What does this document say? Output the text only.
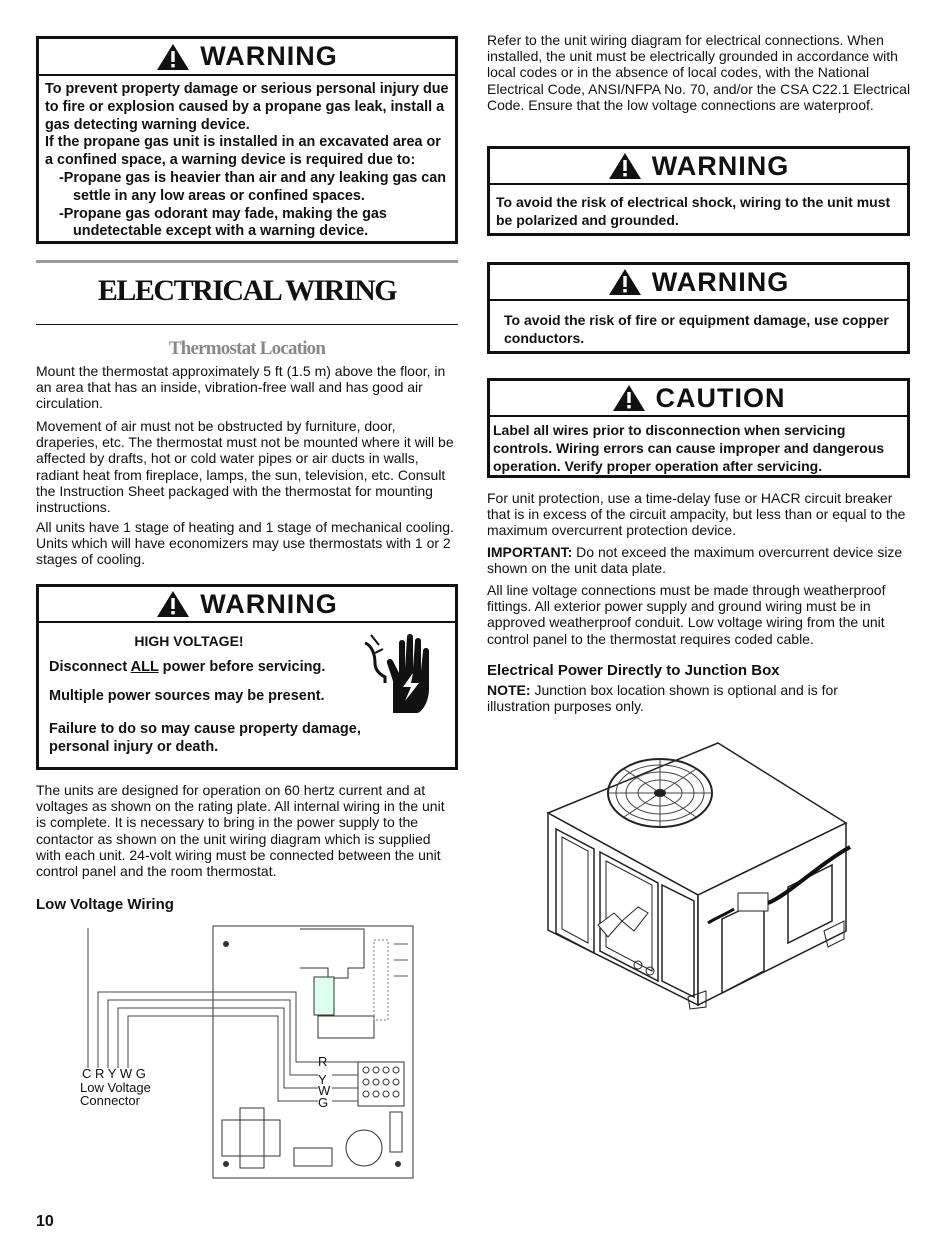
WARNING
To prevent property damage or serious personal injury due to fire or explosion caused by a propane gas leak, install a gas detecting warning device.
If the propane gas unit is installed in an excavated area or a confined space, a warning device is required due to:
-Propane gas is heavier than air and any leaking gas can settle in any low areas or confined spaces.
-Propane gas odorant may fade, making the gas undetectable except with a warning device.
ELECTRICAL WIRING
Thermostat Location
Mount the thermostat approximately 5 ft (1.5 m) above the floor, in an area that has an inside, vibration-free wall and has good air circulation.
Movement of air must not be obstructed by furniture, door, draperies, etc. The thermostat must not be mounted where it will be affected by drafts, hot or cold water pipes or air ducts in walls, radiant heat from fireplace, lamps, the sun, television, etc. Consult the Instruction Sheet packaged with the thermostat for mounting instructions.
All units have 1 stage of heating and 1 stage of mechanical cooling. Units which will have economizers may use thermostats with 1 or 2 stages of cooling.
WARNING
HIGH VOLTAGE!
Disconnect ALL power before servicing.
Multiple power sources may be present.
Failure to do so may cause property damage, personal injury or death.
The units are designed for operation on 60 hertz current and at voltages as shown on the rating plate. All internal wiring in the unit is complete. It is necessary to bring in the power supply to the contactor as shown on the unit wiring diagram which is supplied with each unit. 24-volt wiring must be connected between the unit control panel and the room thermostat.
Low Voltage Wiring
R
Y
W
G
C R Y W G
Low Voltage
Connector
10
Refer to the unit wiring diagram for electrical connections. When installed, the unit must be electrically grounded in accordance with local codes or in the absence of local codes, with the National Electrical Code, ANSI/NFPA No. 70, and/or the CSA C22.1 Electrical Code. Ensure that the low voltage connections are waterproof.
WARNING
To avoid the risk of electrical shock, wiring to the unit must be polarized and grounded.
WARNING
To avoid the risk of fire or equipment damage, use copper conductors.
CAUTION
Label all wires prior to disconnection when servicing controls. Wiring errors can cause improper and dangerous operation. Verify proper operation after servicing.
For unit protection, use a time-delay fuse or HACR circuit breaker that is in excess of the circuit ampacity, but less than or equal to the maximum overcurrent protection device.
IMPORTANT: Do not exceed the maximum overcurrent device size shown on the unit data plate.
All line voltage connections must be made through weatherproof fittings. All exterior power supply and ground wiring must be in approved weatherproof conduit. Low voltage wiring from the unit control panel to the thermostat requires coded cable.
Electrical Power Directly to Junction Box
NOTE: Junction box location shown is optional and is for illustration purposes only.
